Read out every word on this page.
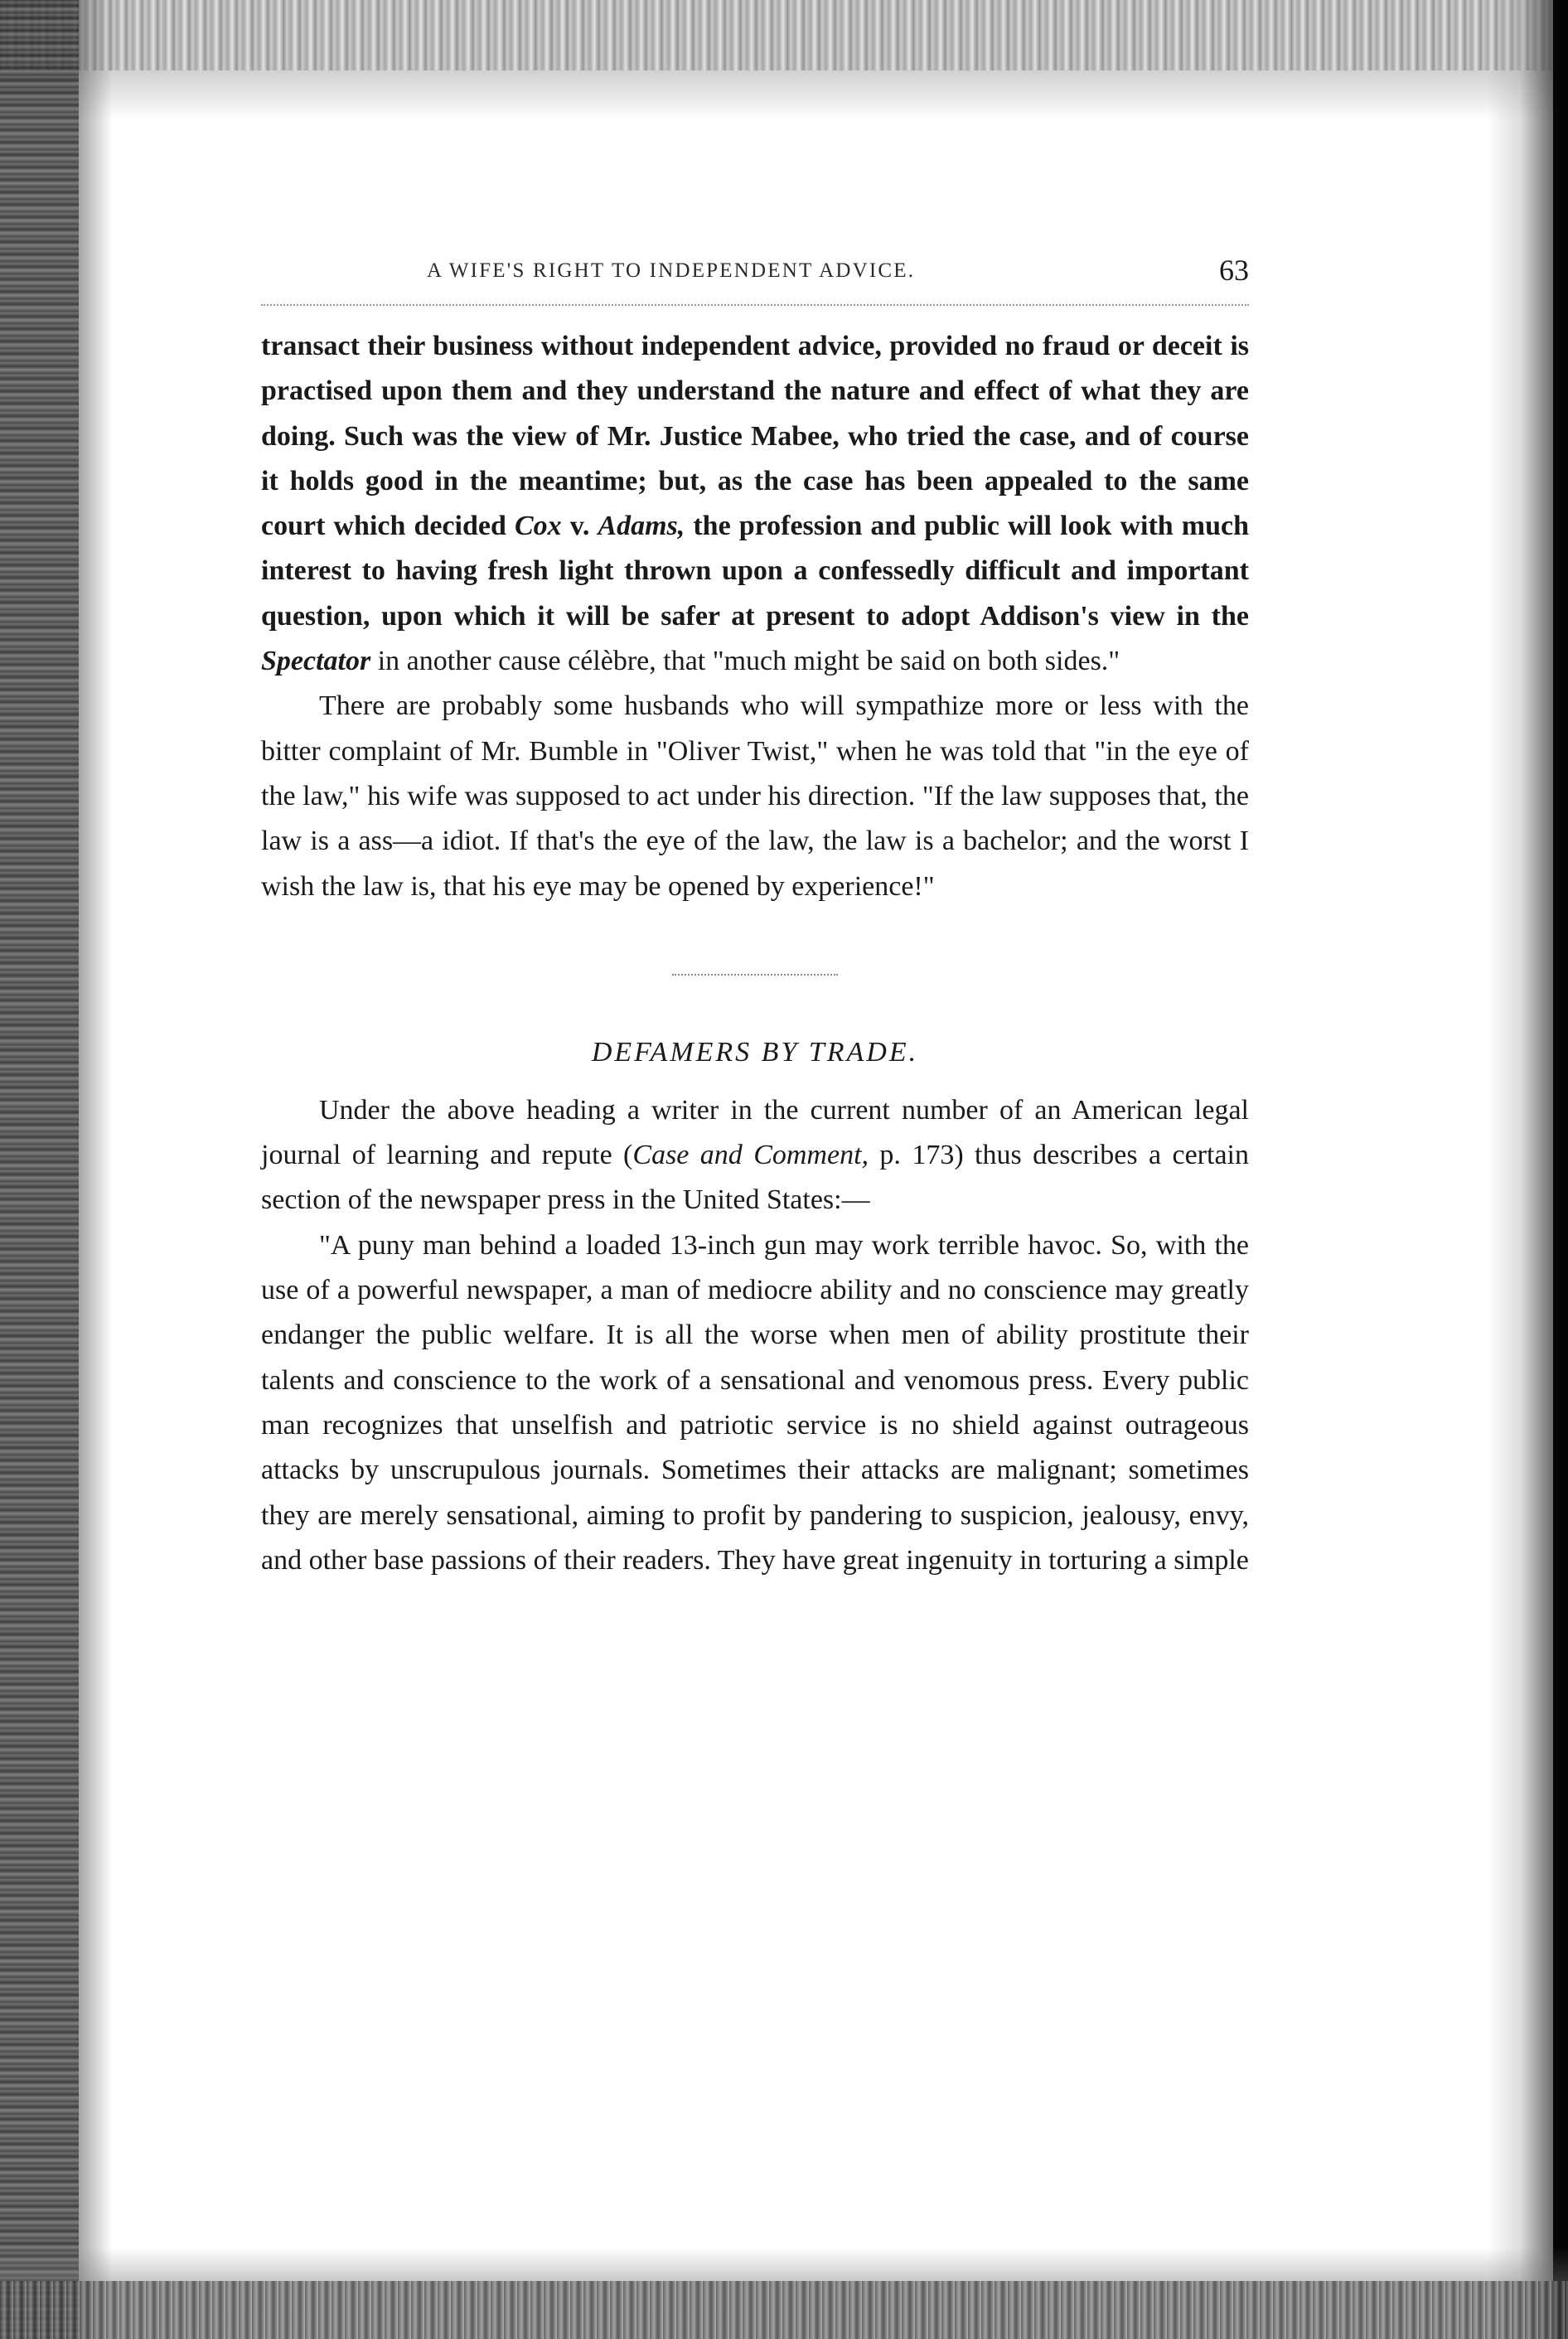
A WIFE'S RIGHT TO INDEPENDENT ADVICE.	63

transact their business without independent advice, provided no fraud or deceit is practised upon them and they understand the nature and effect of what they are doing. Such was the view of Mr. Justice Mabee, who tried the case, and of course it holds good in the meantime; but, as the case has been appealed to the same court which decided Cox v. Adams, the profession and public will look with much interest to having fresh light thrown upon a confessedly difficult and important question, upon which it will be safer at present to adopt Addison's view in the Spectator in another cause célèbre, that "much might be said on both sides."

There are probably some husbands who will sympathize more or less with the bitter complaint of Mr. Bumble in "Oliver Twist," when he was told that "in the eye of the law," his wife was supposed to act under his direction. "If the law supposes that, the law is a ass—a idiot. If that's the eye of the law, the law is a bachelor; and the worst I wish the law is, that his eye may be opened by experience!"

DEFAMERS BY TRADE.

Under the above heading a writer in the current number of an American legal journal of learning and repute (Case and Comment, p. 173) thus describes a certain section of the newspaper press in the United States:—

"A puny man behind a loaded 13-inch gun may work terrible havoc. So, with the use of a powerful newspaper, a man of mediocre ability and no conscience may greatly endanger the public welfare. It is all the worse when men of ability prostitute their talents and conscience to the work of a sensational and venomous press. Every public man recognizes that unselfish and patriotic service is no shield against outrageous attacks by unscrupulous journals. Sometimes their attacks are malignant; sometimes they are merely sensational, aiming to profit by pandering to suspicion, jealousy, envy, and other base passions of their readers. They have great ingenuity in torturing a simple
